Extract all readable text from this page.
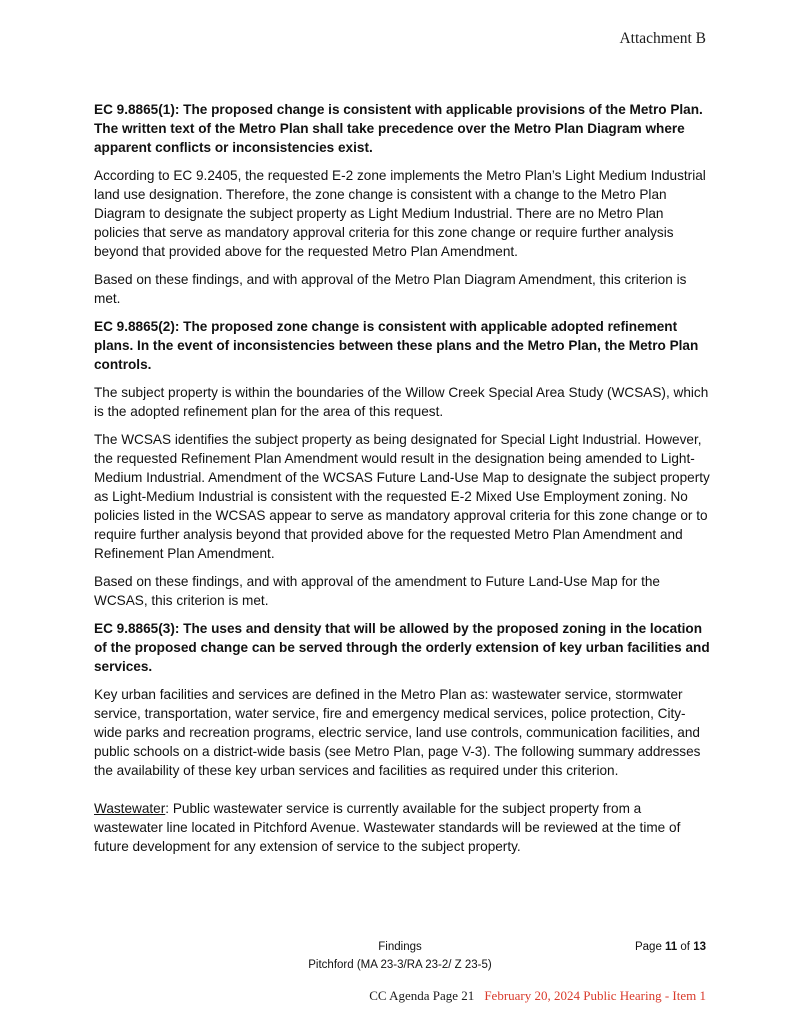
Attachment B

EC 9.8865(1): The proposed change is consistent with applicable provisions of the Metro Plan. The written text of the Metro Plan shall take precedence over the Metro Plan Diagram where apparent conflicts or inconsistencies exist.

According to EC 9.2405, the requested E-2 zone implements the Metro Plan’s Light Medium Industrial land use designation. Therefore, the zone change is consistent with a change to the Metro Plan Diagram to designate the subject property as Light Medium Industrial. There are no Metro Plan policies that serve as mandatory approval criteria for this zone change or require further analysis beyond that provided above for the requested Metro Plan Amendment.

Based on these findings, and with approval of the Metro Plan Diagram Amendment, this criterion is met.

EC 9.8865(2): The proposed zone change is consistent with applicable adopted refinement plans. In the event of inconsistencies between these plans and the Metro Plan, the Metro Plan controls.

The subject property is within the boundaries of the Willow Creek Special Area Study (WCSAS), which is the adopted refinement plan for the area of this request.

The WCSAS identifies the subject property as being designated for Special Light Industrial. However, the requested Refinement Plan Amendment would result in the designation being amended to Light-Medium Industrial. Amendment of the WCSAS Future Land-Use Map to designate the subject property as Light-Medium Industrial is consistent with the requested E-2 Mixed Use Employment zoning. No policies listed in the WCSAS appear to serve as mandatory approval criteria for this zone change or to require further analysis beyond that provided above for the requested Metro Plan Amendment and Refinement Plan Amendment.

Based on these findings, and with approval of the amendment to Future Land-Use Map for the WCSAS, this criterion is met.

EC 9.8865(3): The uses and density that will be allowed by the proposed zoning in the location of the proposed change can be served through the orderly extension of key urban facilities and services.

Key urban facilities and services are defined in the Metro Plan as: wastewater service, stormwater service, transportation, water service, fire and emergency medical services, police protection, City-wide parks and recreation programs, electric service, land use controls, communication facilities, and public schools on a district-wide basis (see Metro Plan, page V-3). The following summary addresses the availability of these key urban services and facilities as required under this criterion.

Wastewater: Public wastewater service is currently available for the subject property from a wastewater line located in Pitchford Avenue. Wastewater standards will be reviewed at the time of future development for any extension of service to the subject property.

Findings
Pitchford (MA 23-3/RA 23-2/ Z 23-5)
Page 11 of 13
CC Agenda Page 21 February 20, 2024 Public Hearing - Item 1
